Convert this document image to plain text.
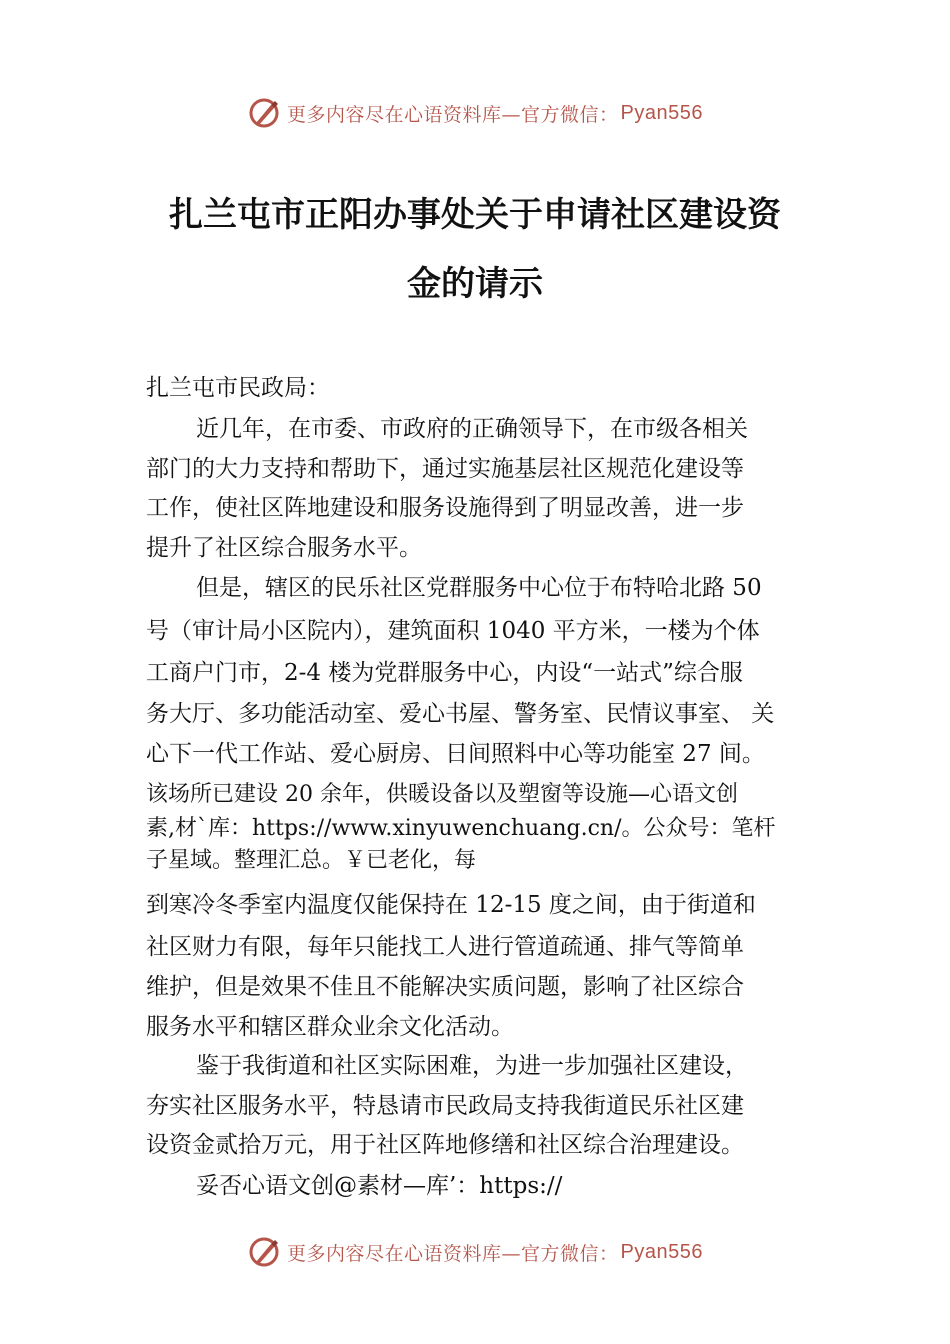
更多内容尽在心语资料库—官方微信： Pyan556
扎兰屯市正阳办事处关于申请社区建设资
金的请示
扎兰屯市民政局：
近几年，在市委、市政府的正确领导下，在市级各相关
部门的大力支持和帮助下，通过实施基层社区规范化建设等
工作，使社区阵地建设和服务设施得到了明显改善，进一步
提升了社区综合服务水平。
但是，辖区的民乐社区党群服务中心位于布特哈北路 50
号（审计局小区院内），建筑面积 1040 平方米，一楼为个体
工商户门市，2-4 楼为党群服务中心，内设“一站式”综合服
务大厅、多功能活动室、爱心书屋、警务室、民情议事室、 关
心下一代工作站、爱心厨房、日间照料中心等功能室 27 间。
该场所已建设 20 余年，供暖设备以及塑窗等设施—心语文创
素,材`库：https://www.xinyuwenchuang.cn/。公众号：笔杆
子星域。整理汇总。￥已老化，每
到寒冷冬季室内温度仅能保持在 12-15 度之间，由于街道和
社区财力有限，每年只能找工人进行管道疏通、排气等简单
维护，但是效果不佳且不能解决实质问题，影响了社区综合
服务水平和辖区群众业余文化活动。
鉴于我街道和社区实际困难，为进一步加强社区建设，
夯实社区服务水平，特恳请市民政局支持我街道民乐社区建
设资金贰拾万元，用于社区阵地修缮和社区综合治理建设。
妥否心语文创@素材—库’：https://
更多内容尽在心语资料库—官方微信： Pyan556
